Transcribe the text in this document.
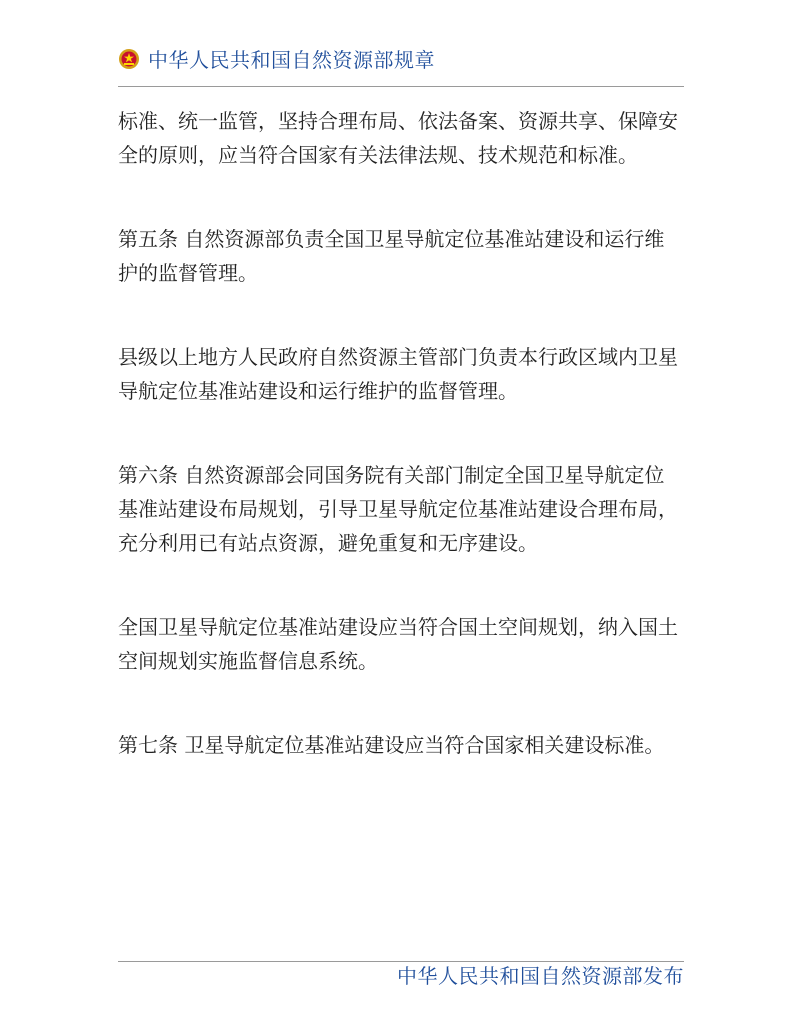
中华人民共和国自然资源部规章

标准、统一监管，坚持合理布局、依法备案、资源共享、保障安全的原则，应当符合国家有关法律法规、技术规范和标准。

第五条 自然资源部负责全国卫星导航定位基准站建设和运行维护的监督管理。

县级以上地方人民政府自然资源主管部门负责本行政区域内卫星导航定位基准站建设和运行维护的监督管理。

第六条 自然资源部会同国务院有关部门制定全国卫星导航定位基准站建设布局规划，引导卫星导航定位基准站建设合理布局，充分利用已有站点资源，避免重复和无序建设。

全国卫星导航定位基准站建设应当符合国土空间规划，纳入国土空间规划实施监督信息系统。

第七条 卫星导航定位基准站建设应当符合国家相关建设标准。

中华人民共和国自然资源部发布
